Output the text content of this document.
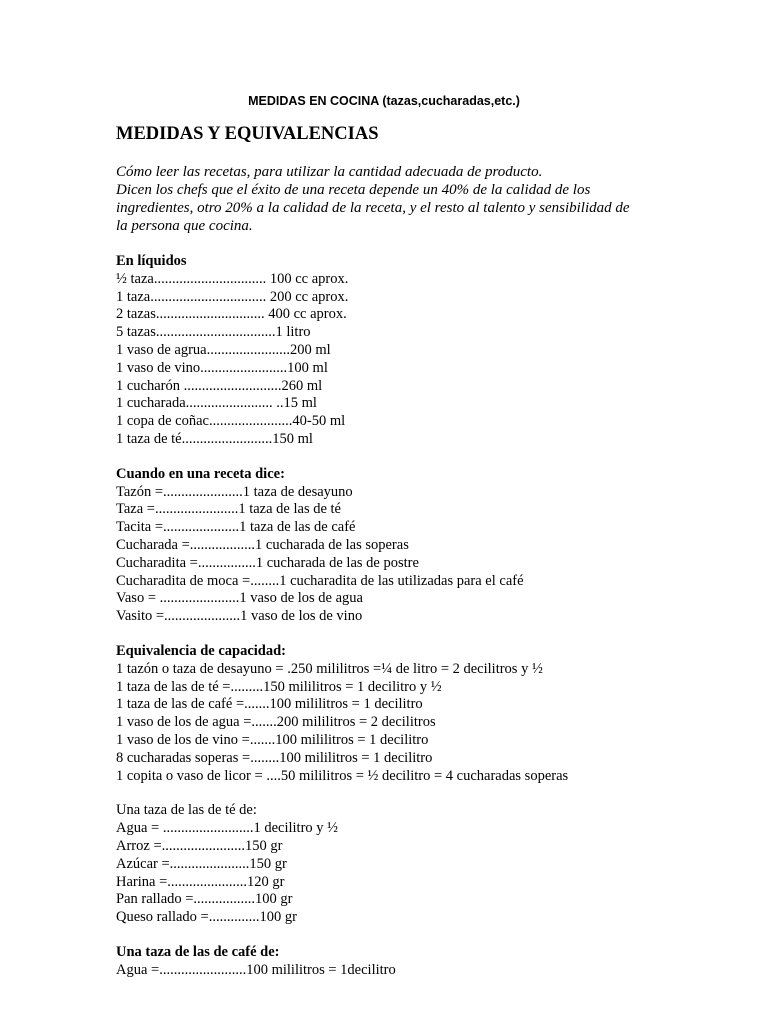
MEDIDAS EN COCINA (tazas,cucharadas,etc.)
MEDIDAS Y EQUIVALENCIAS
Cómo leer las recetas, para utilizar la cantidad adecuada de producto.
Dicen los chefs que el éxito de una receta depende un 40% de la calidad de los
ingredientes, otro 20% a la calidad de la receta, y el resto al talento y sensibilidad de
la persona que cocina.
En líquidos
½ taza............................... 100 cc aprox.
1 taza................................ 200 cc aprox.
2 tazas.............................. 400 cc aprox.
5 tazas.................................1 litro
1 vaso de agrua.......................200 ml
1 vaso de vino........................100 ml
1 cucharón ...........................260 ml
1 cucharada........................ ..15 ml
1 copa de coñac.......................40-50 ml
1 taza de té.........................150 ml
Cuando en una receta dice:
Tazón =......................1 taza de desayuno
Taza =.......................1 taza de las de té
Tacita =.....................1 taza de las de café
Cucharada =..................1 cucharada de las soperas
Cucharadita =................1 cucharada de las de postre
Cucharadita de moca =........1 cucharadita de las utilizadas para el café
Vaso = ......................1 vaso de los de agua
Vasito =.....................1 vaso de los de vino
Equivalencia de capacidad:
1 tazón o taza de desayuno = .250 mililitros =¼ de litro = 2 decilitros y ½
1 taza de las de té =.........150 mililitros = 1 decilitro y ½
1 taza de las de café =.......100 mililitros = 1 decilitro
1 vaso de los de agua =.......200 mililitros = 2 decilitros
1 vaso de los de vino =.......100 mililitros = 1 decilitro
8 cucharadas soperas =........100 mililitros = 1 decilitro
1 copita o vaso de licor = ....50 mililitros = ½ decilitro = 4 cucharadas soperas
Una taza de las de té de:
Agua = .........................1 decilitro y ½
Arroz =.......................150 gr
Azúcar =......................150 gr
Harina =......................120 gr
Pan rallado =.................100 gr
Queso rallado =..............100 gr
Una taza de las de café de:
Agua =........................100 mililitros = 1decilitro
